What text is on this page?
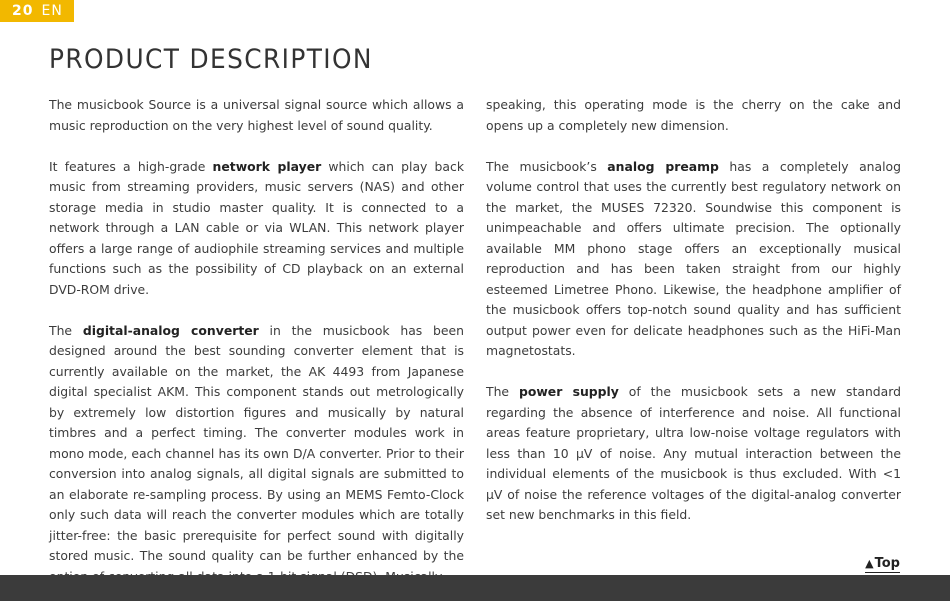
20 EN
PRODUCT DESCRIPTION

The musicbook Source is a universal signal source which allows a music reproduction on the very highest level of sound quality.

It features a high-grade network player which can play back music from streaming providers, music servers (NAS) and other storage media in studio master quality. It is connected to a network through a LAN cable or via WLAN. This network player offers a large range of audiophile streaming services and multiple functions such as the possibility of CD playback on an external DVD-ROM drive.

The digital-analog converter in the musicbook has been designed around the best sounding converter element that is currently available on the market, the AK 4493 from Japanese digital specialist AKM. This component stands out metrologically by extremely low distortion figures and musically by natural timbres and a perfect timing. The converter modules work in mono mode, each channel has its own D/A converter. Prior to their conversion into analog signals, all digital signals are submitted to an elaborate re-sampling process. By using an MEMS Femto-Clock only such data will reach the converter modules which are totally jitter-free: the basic prerequisite for perfect sound with digitally stored music. The sound quality can be further enhanced by the

speaking, this operating mode is the cherry on the cake and opens up a completely new dimension.

The musicbook’s analog preamp has a completely analog volume control that uses the currently best regulatory network on the market, the MUSES 72320. Soundwise this component is unimpeachable and offers ultimate precision. The optionally available MM phono stage offers an exceptionally musical reproduction and has been taken straight from our highly esteemed Limetree Phono. Likewise, the headphone amplifier of the musicbook offers top-notch sound quality and has sufficient output power even for delicate headphones such as the HiFi-Man magnetostats.

The power supply of the musicbook sets a new standard regarding the absence of interference and noise. All functional areas feature proprietary, ultra low-noise voltage regulators with less than 10 µV of noise. Any mutual interaction between the individual elements of the musicbook is thus excluded. With <1 µV of noise the reference voltages of the digital-analog converter set new benchmarks in this field.

▲Top
